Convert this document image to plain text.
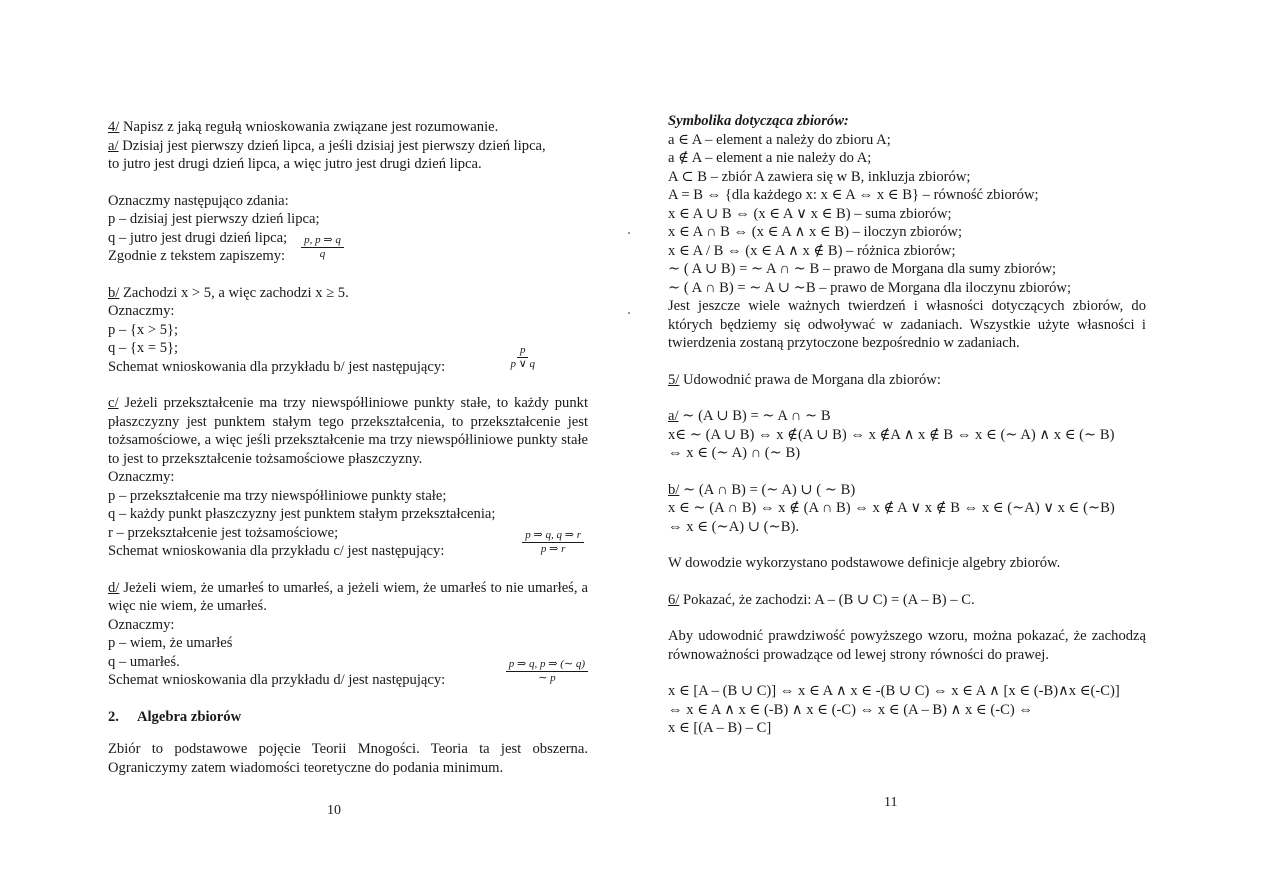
4/ Napisz z jaką regułą wnioskowania związane jest rozumowanie.

a/ Dzisiaj jest pierwszy dzień lipca, a jeśli dzisiaj jest pierwszy dzień lipca,

to jutro jest drugi dzień lipca, a więc jutro jest drugi dzień lipca.

Oznaczmy następująco zdania:

p – dzisiaj jest pierwszy dzień lipca;

q – jutro jest drugi dzień lipca;

Zgodnie z tekstem zapiszemy: $\frac{p, p \Rightarrow q}{q}$

b/ Zachodzi x > 5, a więc zachodzi x ≥ 5.

Oznaczmy:

p – {x > 5};

q – {x = 5};

Schemat wnioskowania dla przykładu b/ jest następujący:	$\frac{p}{p \vee q}$

c/ Jeżeli przekształcenie ma trzy niewspółliniowe punkty stałe, to każdy punkt płaszczyzny jest punktem stałym tego przekształcenia, to przekształcenie jest tożsamościowe, a więc jeśli przekształcenie ma trzy niewspółliniowe punkty stałe to jest to przekształcenie tożsamościowe płaszczyzny.

Oznaczmy:

p – przekształcenie ma trzy niewspółliniowe punkty stałe;

q – każdy punkt płaszczyzny jest punktem stałym przekształcenia;

r – przekształcenie jest tożsamościowe;

Schemat wnioskowania dla przykładu c/ jest następujący:	$\frac{p \Rightarrow q, q \Rightarrow r}{p \Rightarrow r}$

d/ Jeżeli wiem, że umarłeś to umarłeś, a jeżeli wiem, że umarłeś to nie umarłeś, a więc nie wiem, że umarłeś.

Oznaczmy:

p – wiem, że umarłeś

q – umarłeś.

Schemat wnioskowania dla przykładu d/ jest następujący:	$\frac{p \Rightarrow q, p \Rightarrow (\sim q)}{\sim p}$

2. Algebra zbiorów

Zbiór to podstawowe pojęcie Teorii Mnogości. Teoria ta jest obszerna. Ograniczymy zatem wiadomości teoretyczne do podania minimum.

10

Symbolika dotycząca zbiorów:

a ∈ A – element a należy do zbioru A;

a ∉ A – element a nie należy do A;

A ⊂ B – zbiór A zawiera się w B, inkluzja zbiorów;

A = B ⇔ {dla każdego x: x ∈ A ⇔ x ∈ B} – równość zbiorów;

x ∈ A ∪ B ⇔ (x ∈ A ∨ x ∈ B) – suma zbiorów;

x ∈ A ∩ B ⇔ (x ∈ A ∧ x ∈ B) – iloczyn zbiorów;

x ∈ A / B ⇔ (x ∈ A ∧ x ∉ B) – różnica zbiorów;

∼ ( A ∪ B) = ∼ A ∩ ∼ B – prawo de Morgana dla sumy zbiorów;

∼ ( A ∩ B) = ∼ A ∪ ∼B – prawo de Morgana dla iloczynu zbiorów;

Jest jeszcze wiele ważnych twierdzeń i własności dotyczących zbiorów, do których będziemy się odwoływać w zadaniach. Wszystkie użyte własności i twierdzenia zostaną przytoczone bezpośrednio w zadaniach.

5/ Udowodnić prawa de Morgana dla zbiorów:

a/ ∼ (A ∪ B) = ∼ A ∩ ∼ B

x∈ ∼ (A ∪ B) ⇔ x ∉(A ∪ B) ⇔ x ∉A ∧ x ∉ B ⇔ x ∈ (∼ A) ∧ x ∈ (∼ B)

⇔ x ∈ (∼ A) ∩ (∼ B)

b/ ∼ (A ∩ B) = (∼ A) ∪ ( ∼ B)

x ∈ ∼ (A ∩ B) ⇔ x ∉ (A ∩ B) ⇔ x ∉ A ∨ x ∉ B ⇔ x ∈ (∼A) ∨ x ∈ (∼B)

⇔ x ∈ (∼A) ∪ (∼B).

W dowodzie wykorzystano podstawowe definicje algebry zbiorów.

6/ Pokazać, że zachodzi: A – (B ∪ C) = (A – B) – C.

Aby udowodnić prawdziwość powyższego wzoru, można pokazać, że zachodzą równoważności prowadzące od lewej strony równości do prawej.

x ∈ [A – (B ∪ C)] ⇔ x ∈ A ∧ x ∈ -(B ∪ C) ⇔ x ∈ A ∧ [x ∈ (-B)∧x ∈(-C)]

⇔ x ∈ A ∧ x ∈ (-B) ∧ x ∈ (-C) ⇔ x ∈ (A – B) ∧ x ∈ (-C) ⇔

x ∈ [(A – B) – C]

11
